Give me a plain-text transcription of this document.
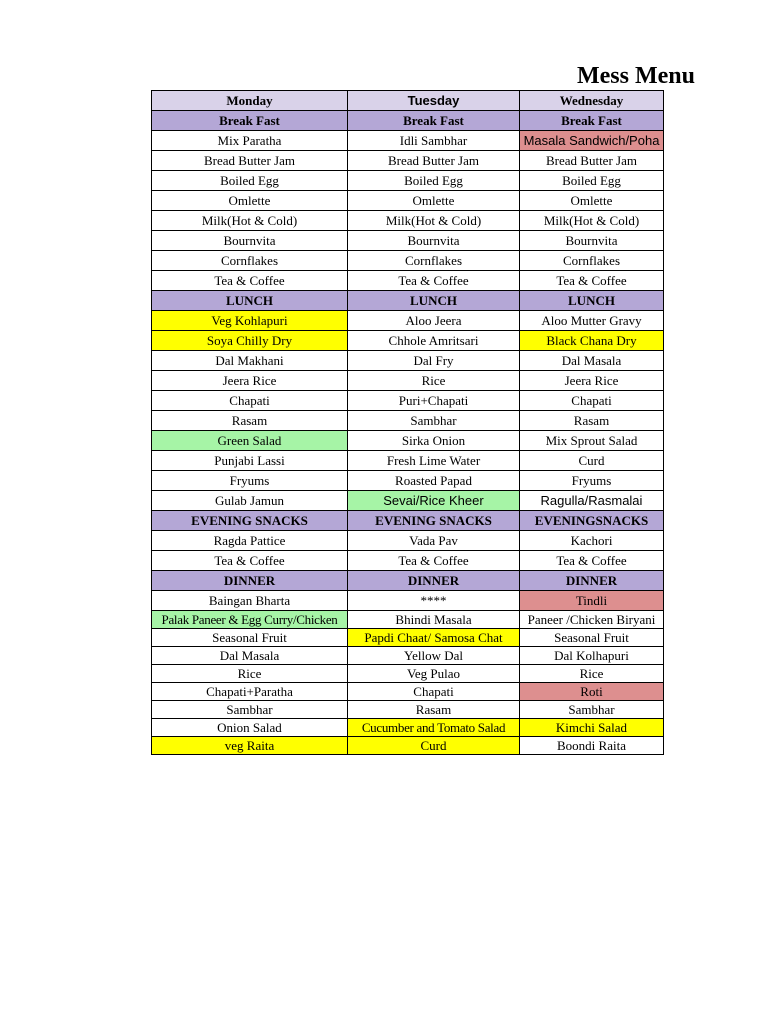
Mess Menu
Monday	Tuesday	Wednesday
Break Fast	Break Fast	Break Fast
Mix Paratha	Idli Sambhar	Masala Sandwich/Poha
Bread Butter Jam	Bread Butter Jam	Bread Butter Jam
Boiled Egg	Boiled Egg	Boiled Egg
Omlette	Omlette	Omlette
Milk(Hot & Cold)	Milk(Hot & Cold)	Milk(Hot & Cold)
Bournvita	Bournvita	Bournvita
Cornflakes	Cornflakes	Cornflakes
Tea & Coffee	Tea & Coffee	Tea & Coffee
LUNCH	LUNCH	LUNCH
Veg Kohlapuri	Aloo Jeera	Aloo Mutter Gravy
Soya Chilly Dry	Chhole Amritsari	Black Chana Dry
Dal Makhani	Dal Fry	Dal Masala
Jeera Rice	Rice	Jeera Rice
Chapati	Puri+Chapati	Chapati
Rasam	Sambhar	Rasam
Green Salad	Sirka Onion	Mix Sprout Salad
Punjabi Lassi	Fresh Lime Water	Curd
Fryums	Roasted Papad	Fryums
Gulab Jamun	Sevai/Rice Kheer	Ragulla/Rasmalai
EVENING SNACKS	EVENING SNACKS	EVENINGSNACKS
Ragda Pattice	Vada Pav	Kachori
Tea & Coffee	Tea & Coffee	Tea & Coffee
DINNER	DINNER	DINNER
Baingan Bharta	****	Tindli
Palak Paneer & Egg Curry/Chicken	Bhindi Masala	Paneer /Chicken Biryani
Seasonal Fruit	Papdi Chaat/ Samosa Chat	Seasonal Fruit
Dal Masala	Yellow Dal	Dal Kolhapuri
Rice	Veg Pulao	Rice
Chapati+Paratha	Chapati	Roti
Sambhar	Rasam	Sambhar
Onion Salad	Cucumber and Tomato Salad	Kimchi Salad
veg Raita	Curd	Boondi Raita
